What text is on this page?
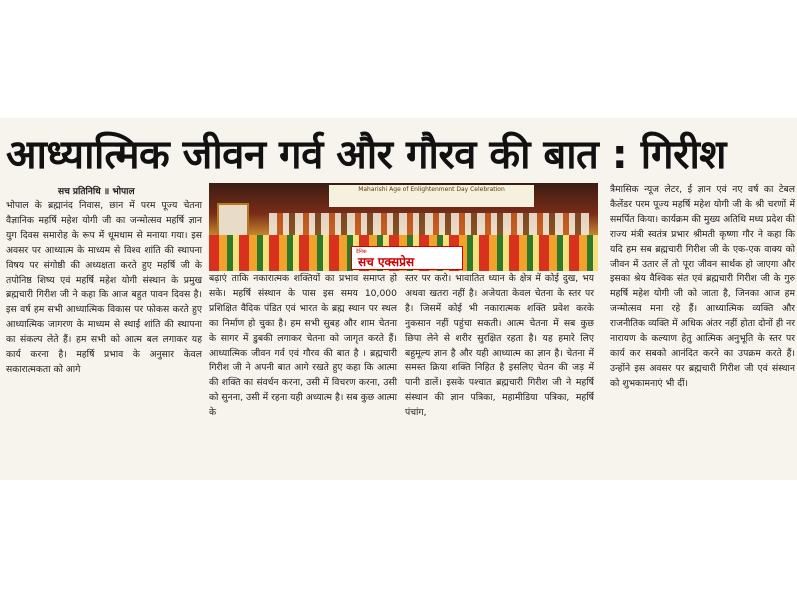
आध्यात्मिक जीवन गर्व और गौरव की बात : गिरीश
सच प्रतिनिधि ॥ भोपाल
भोपाल के ब्रह्मानंद निवास, छान में परम पूज्य चेतना वैज्ञानिक महर्षि महेश योगी जी का जन्मोत्सव महर्षि ज्ञान युग दिवस समारोह के रूप में धूमधाम से मनाया गया। इस अवसर पर आध्यात्म के माध्यम से विश्व शांति की स्थापना विषय पर संगोष्ठी की अध्यक्षता करते हुए महर्षि जी के तपोनिष्ठ शिष्य एवं महर्षि महेश योगी संस्थान के प्रमुख ब्रह्मचारी गिरीश जी ने कहा कि आज बहुत पावन दिवस है। इस वर्ष हम सभी आध्यात्मिक विकास पर फोकस करते हुए आध्यात्मिक जागरण के माध्यम से स्थाई शांति की स्थापना का संकल्प लेते हैं। हम सभी को आत्म बल लगाकर यह कार्य करना है। महर्षि प्रभाव के अनुसार केवल सकारात्मकता को आगे
Maharishi Age of Enlightenment Day Celebration
दैनिक
सच एक्सप्रेस
बढ़ाएं ताकि नकारात्मक शक्तियों का प्रभाव समाप्त हो सके। महर्षि संस्थान के पास इस समय 10,000 प्रशिक्षित वैदिक पंडित एवं भारत के ब्रह्म स्थान पर स्थल का निर्माण हो चुका है। हम सभी सुबह और शाम चेतना के सागर में डुबकी लगाकर चेतना को जागृत करते हैं। आध्यात्मिक जीवन गर्व एवं गौरव की बात है । ब्रह्मचारी गिरीश जी ने अपनी बात आगे रखते हुए कहा कि आत्मा की शक्ति का संवर्धन करना, उसी में विचरण करना, उसी को सुनना, उसी में रहना यही अध्यात्म है। सब कुछ आत्मा के
स्तर पर करो। भावातित ध्यान के क्षेत्र में कोई दुख, भय अथवा खतरा नहीं है। अजेयता केवल चेतना के स्तर पर है। जिसमें कोई भी नकारात्मक शक्ति प्रवेश करके नुकसान नहीं पहुंचा सकती। आत्म चेतना में सब कुछ छिपा लेने से शरीर सुरक्षित रहता है। यह हमारे लिए बहुमूल्य ज्ञान है और यही आध्यात्म का ज्ञान है। चेतना में समस्त क्रिया शक्ति निहित है इसलिए चेतन की जड़ में पानी डालें। इसके पश्चात ब्रह्मचारी गिरीश जी ने महर्षि संस्थान की ज्ञान पत्रिका, महामीडिया पत्रिका, महर्षि पंचांग,
त्रैमासिक न्यूज लेटर, ई ज्ञान एवं नए वर्ष का टेबल कैलेंडर परम पूज्य महर्षि महेश योगी जी के श्री चरणों में समर्पित किया। कार्यक्रम की मुख्य अतिथि मध्य प्रदेश की राज्य मंत्री स्वतंत्र प्रभार श्रीमती कृष्णा गौर ने कहा कि यदि हम सब ब्रह्मचारी गिरीश जी के एक-एक वाक्य को जीवन में उतार लें तो पूरा जीवन सार्थक हो जाएगा और इसका श्रेय वैश्विक संत एवं ब्रह्मचारी गिरीश जी के गुरु महर्षि महेश योगी जी को जाता है, जिनका आज हम जन्मोत्सव मना रहे हैं। आध्यात्मिक व्यक्ति और राजनीतिक व्यक्ति में अधिक अंतर नहीं होता दोनों ही नर नारायण के कल्याण हेतु आत्मिक अनुभूति के स्तर पर कार्य कर सबको आनंदित करने का उपक्रम करते हैं। उन्होंने इस अवसर पर ब्रह्मचारी गिरीश जी एवं संस्थान को शुभकामनाएं भी दीं।
